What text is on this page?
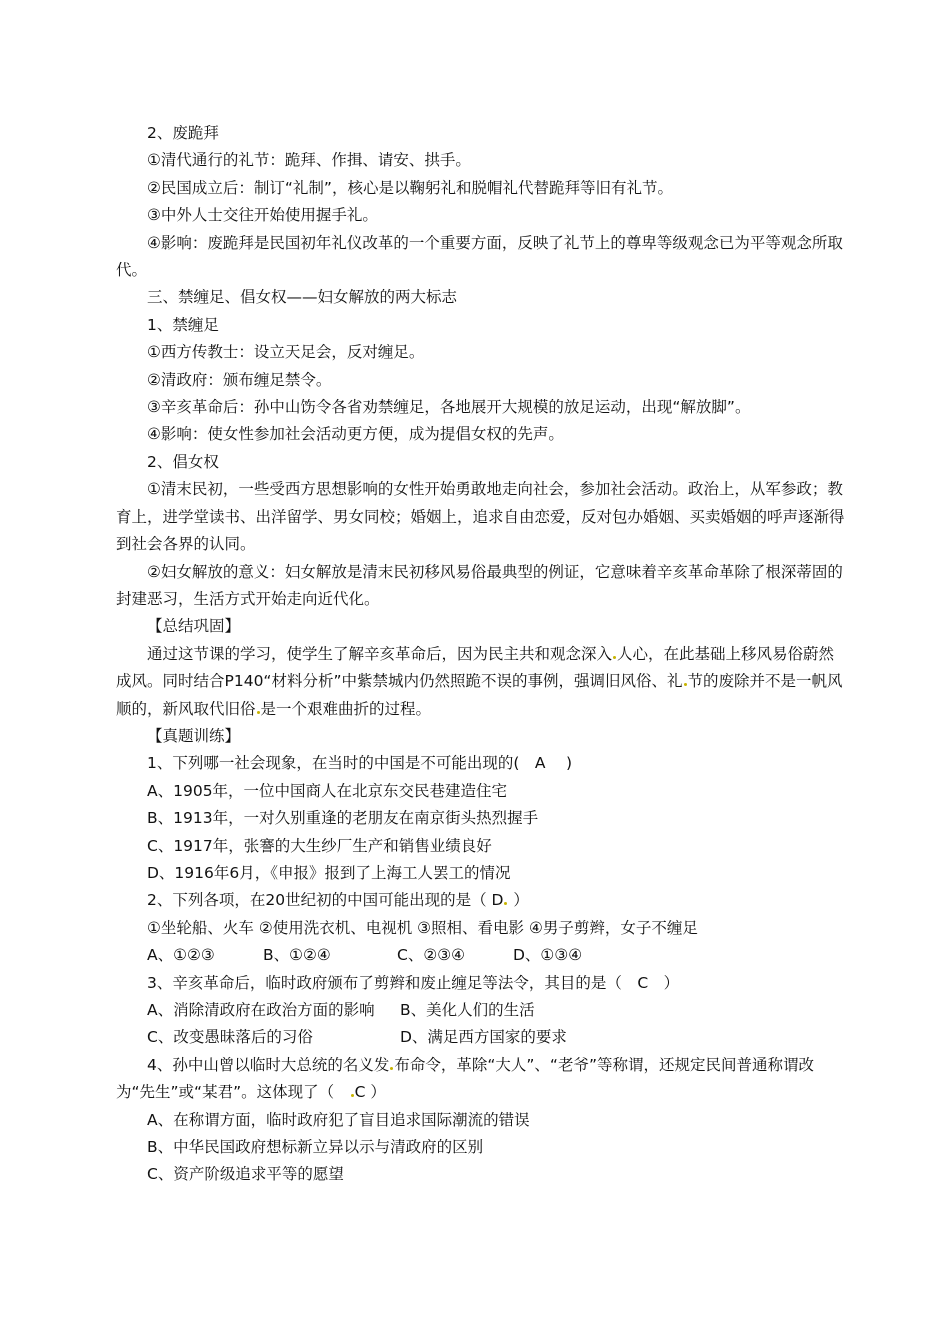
2、废跪拜
①清代通行的礼节：跪拜、作揖、请安、拱手。
②民国成立后：制订“礼制”，核心是以鞠躬礼和脱帽礼代替跪拜等旧有礼节。
③中外人士交往开始使用握手礼。
④影响：废跪拜是民国初年礼仪改革的一个重要方面，反映了礼节上的尊卑等级观念已为平等观念所取代。
三、禁缠足、倡女权——妇女解放的两大标志
1、禁缠足
①西方传教士：设立天足会，反对缠足。
②清政府：颁布缠足禁令。
③辛亥革命后：孙中山饬令各省劝禁缠足，各地展开大规模的放足运动，出现“解放脚”。
④影响：使女性参加社会活动更方便，成为提倡女权的先声。
2、倡女权
①清末民初，一些受西方思想影响的女性开始勇敢地走向社会，参加社会活动。政治上，从军参政；教育上，进学堂读书、出洋留学、男女同校；婚姻上，追求自由恋爱，反对包办婚姻、买卖婚姻的呼声逐渐得到社会各界的认同。
②妇女解放的意义：妇女解放是清末民初移风易俗最典型的例证，它意味着辛亥革命革除了根深蒂固的封建恶习，生活方式开始走向近代化。
【总结巩固】
通过这节课的学习，使学生了解辛亥革命后，因为民主共和观念深入 人心，在此基础上移风易俗蔚然成风。同时结合P140“材料分析”中紫禁城内仍然照跪不误的事例，强调旧风俗、礼 节的废除并不是一帆风顺的，新风取代旧俗 是一个艰难曲折的过程。
【真题训练】
1、下列哪一社会现象，在当时的中国是不可能出现的(　A　 )
A、1905年，一位中国商人在北京东交民巷建造住宅
B、1913年，一对久别重逢的老朋友在南京街头热烈握手
C、1917年，张謇的大生纱厂生产和销售业绩良好
D、1916年6月，《申报》报到了上海工人罢工的情况
2、下列各项，在20世纪初的中国可能出现的是（ D ）
①坐轮船、火车 ②使用洗衣机、电视机 ③照相、看电影 ④男子剪辫，女子不缠足
A、①②③	B、①②④	C、②③④	D、①③④
3、辛亥革命后，临时政府颁布了剪辫和废止缠足等法令，其目的是（　C　）
A、消除清政府在政治方面的影响 B、美化人们的生活
C、改变愚昧落后的习俗	D、满足西方国家的要求
4、孙中山曾以临时大总统的名义发 布命令，革除“大人”、“老爷”等称谓，还规定民间普通称谓改为“先生”或“某君”。这体现了（　C ）
A、在称谓方面，临时政府犯了盲目追求国际潮流的错误
B、中华民国政府想标新立异以示与清政府的区别
C、资产阶级追求平等的愿望
